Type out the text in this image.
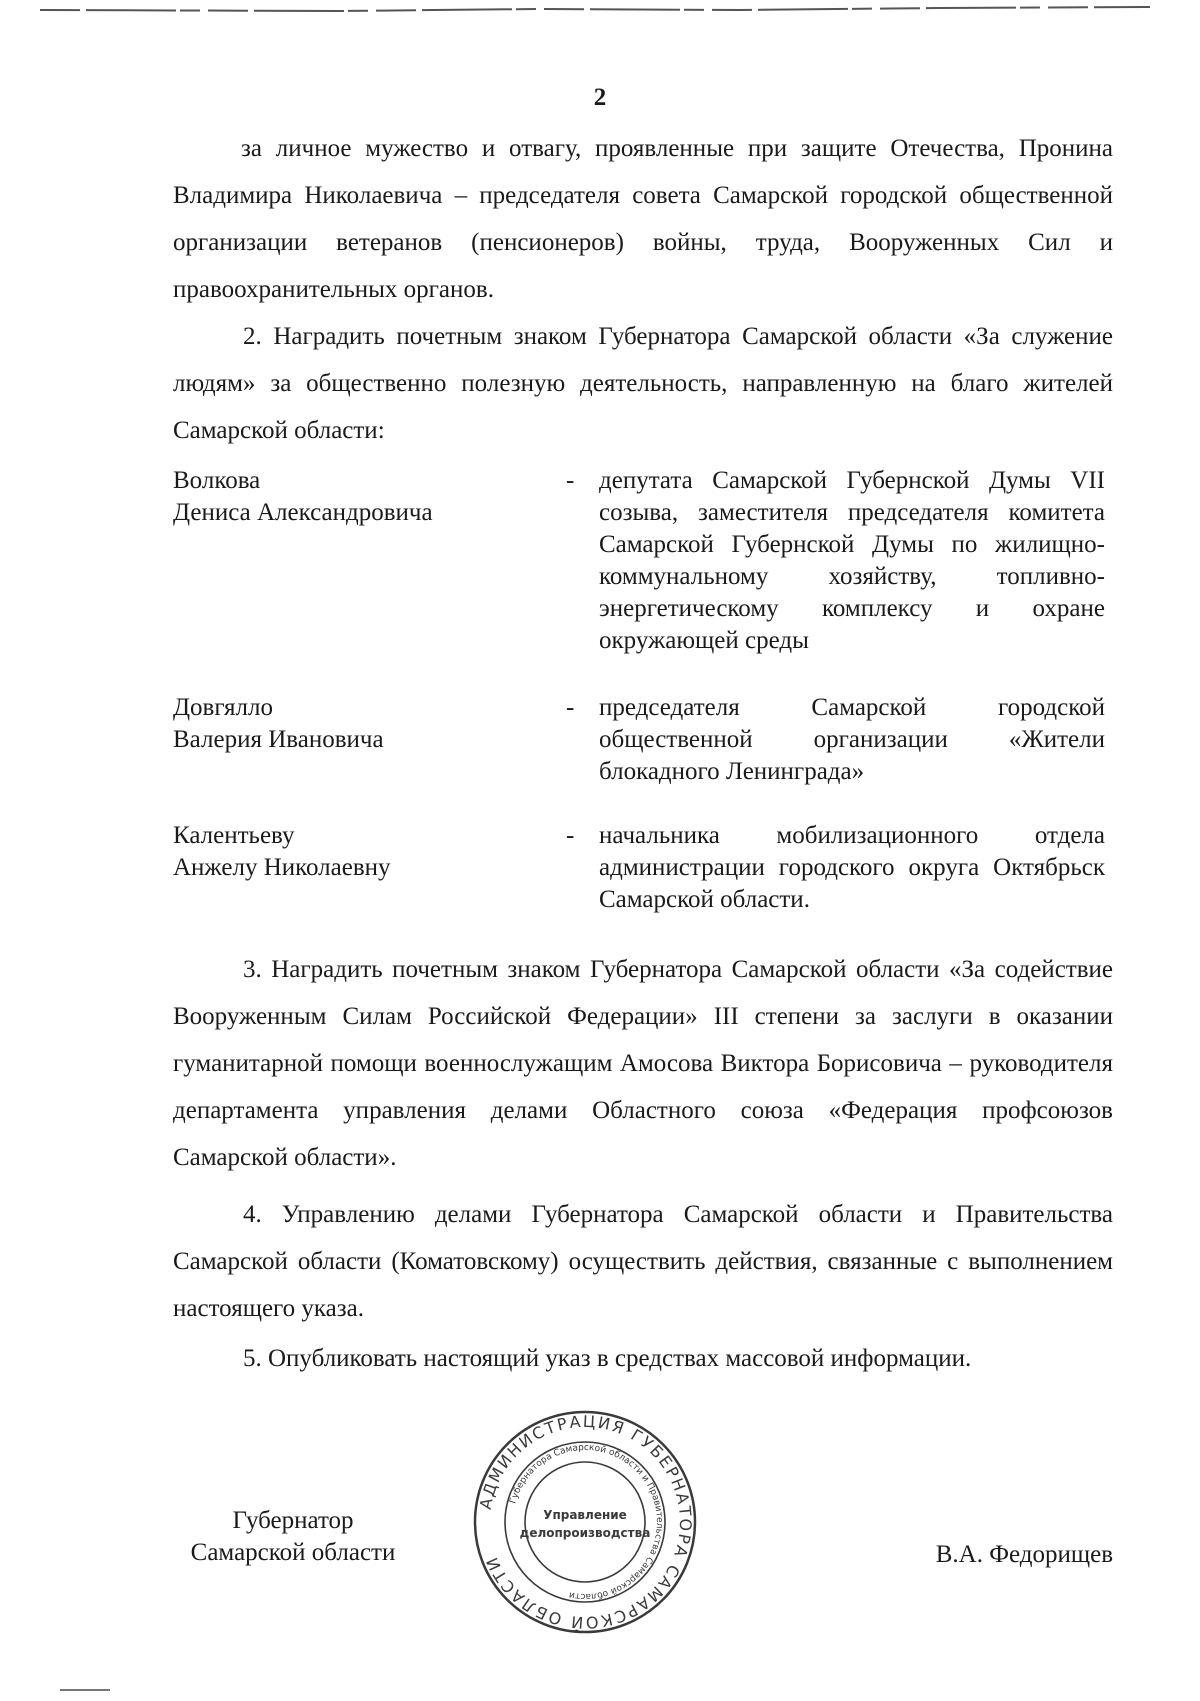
2

за личное мужество и отвагу, проявленные при защите Отечества, Пронина Владимира Николаевича – председателя совета Самарской городской общественной организации ветеранов (пенсионеров) войны, труда, Вооруженных Сил и правоохранительных органов.

2. Наградить почетным знаком Губернатора Самарской области «За служение людям» за общественно полезную деятельность, направленную на благо жителей Самарской области:

Волкова
Дениса Александровича
- депутата Самарской Губернской Думы VII созыва, заместителя председателя комитета Самарской Губернской Думы по жилищно-коммунальному хозяйству, топливно-энергетическому комплексу и охране окружающей среды
Довгялло
Валерия Ивановича
- председателя Самарской городской общественной организации «Жители блокадного Ленинграда»
Калентьеву
Анжелу Николаевну
- начальника мобилизационного отдела администрации городского округа Октябрьск Самарской области.

3. Наградить почетным знаком Губернатора Самарской области «За содействие Вооруженным Силам Российской Федерации» III степени за заслуги в оказании гуманитарной помощи военнослужащим Амосова Виктора Борисовича – руководителя департамента управления делами Областного союза «Федерация профсоюзов Самарской области».

4. Управлению делами Губернатора Самарской области и Правительства Самарской области (Коматовскому) осуществить действия, связанные с выполнением настоящего указа.

5. Опубликовать настоящий указ в средствах массовой информации.

Губернатор
Самарской области	В.А. Федорищев
АДМИНИСТРАЦИЯ ГУБЕРНАТОРА САМАРСКОЙ ОБЛАСТИ
Губернатора Самарской области и Правительства Самарской области
Управление
делопроизводства
